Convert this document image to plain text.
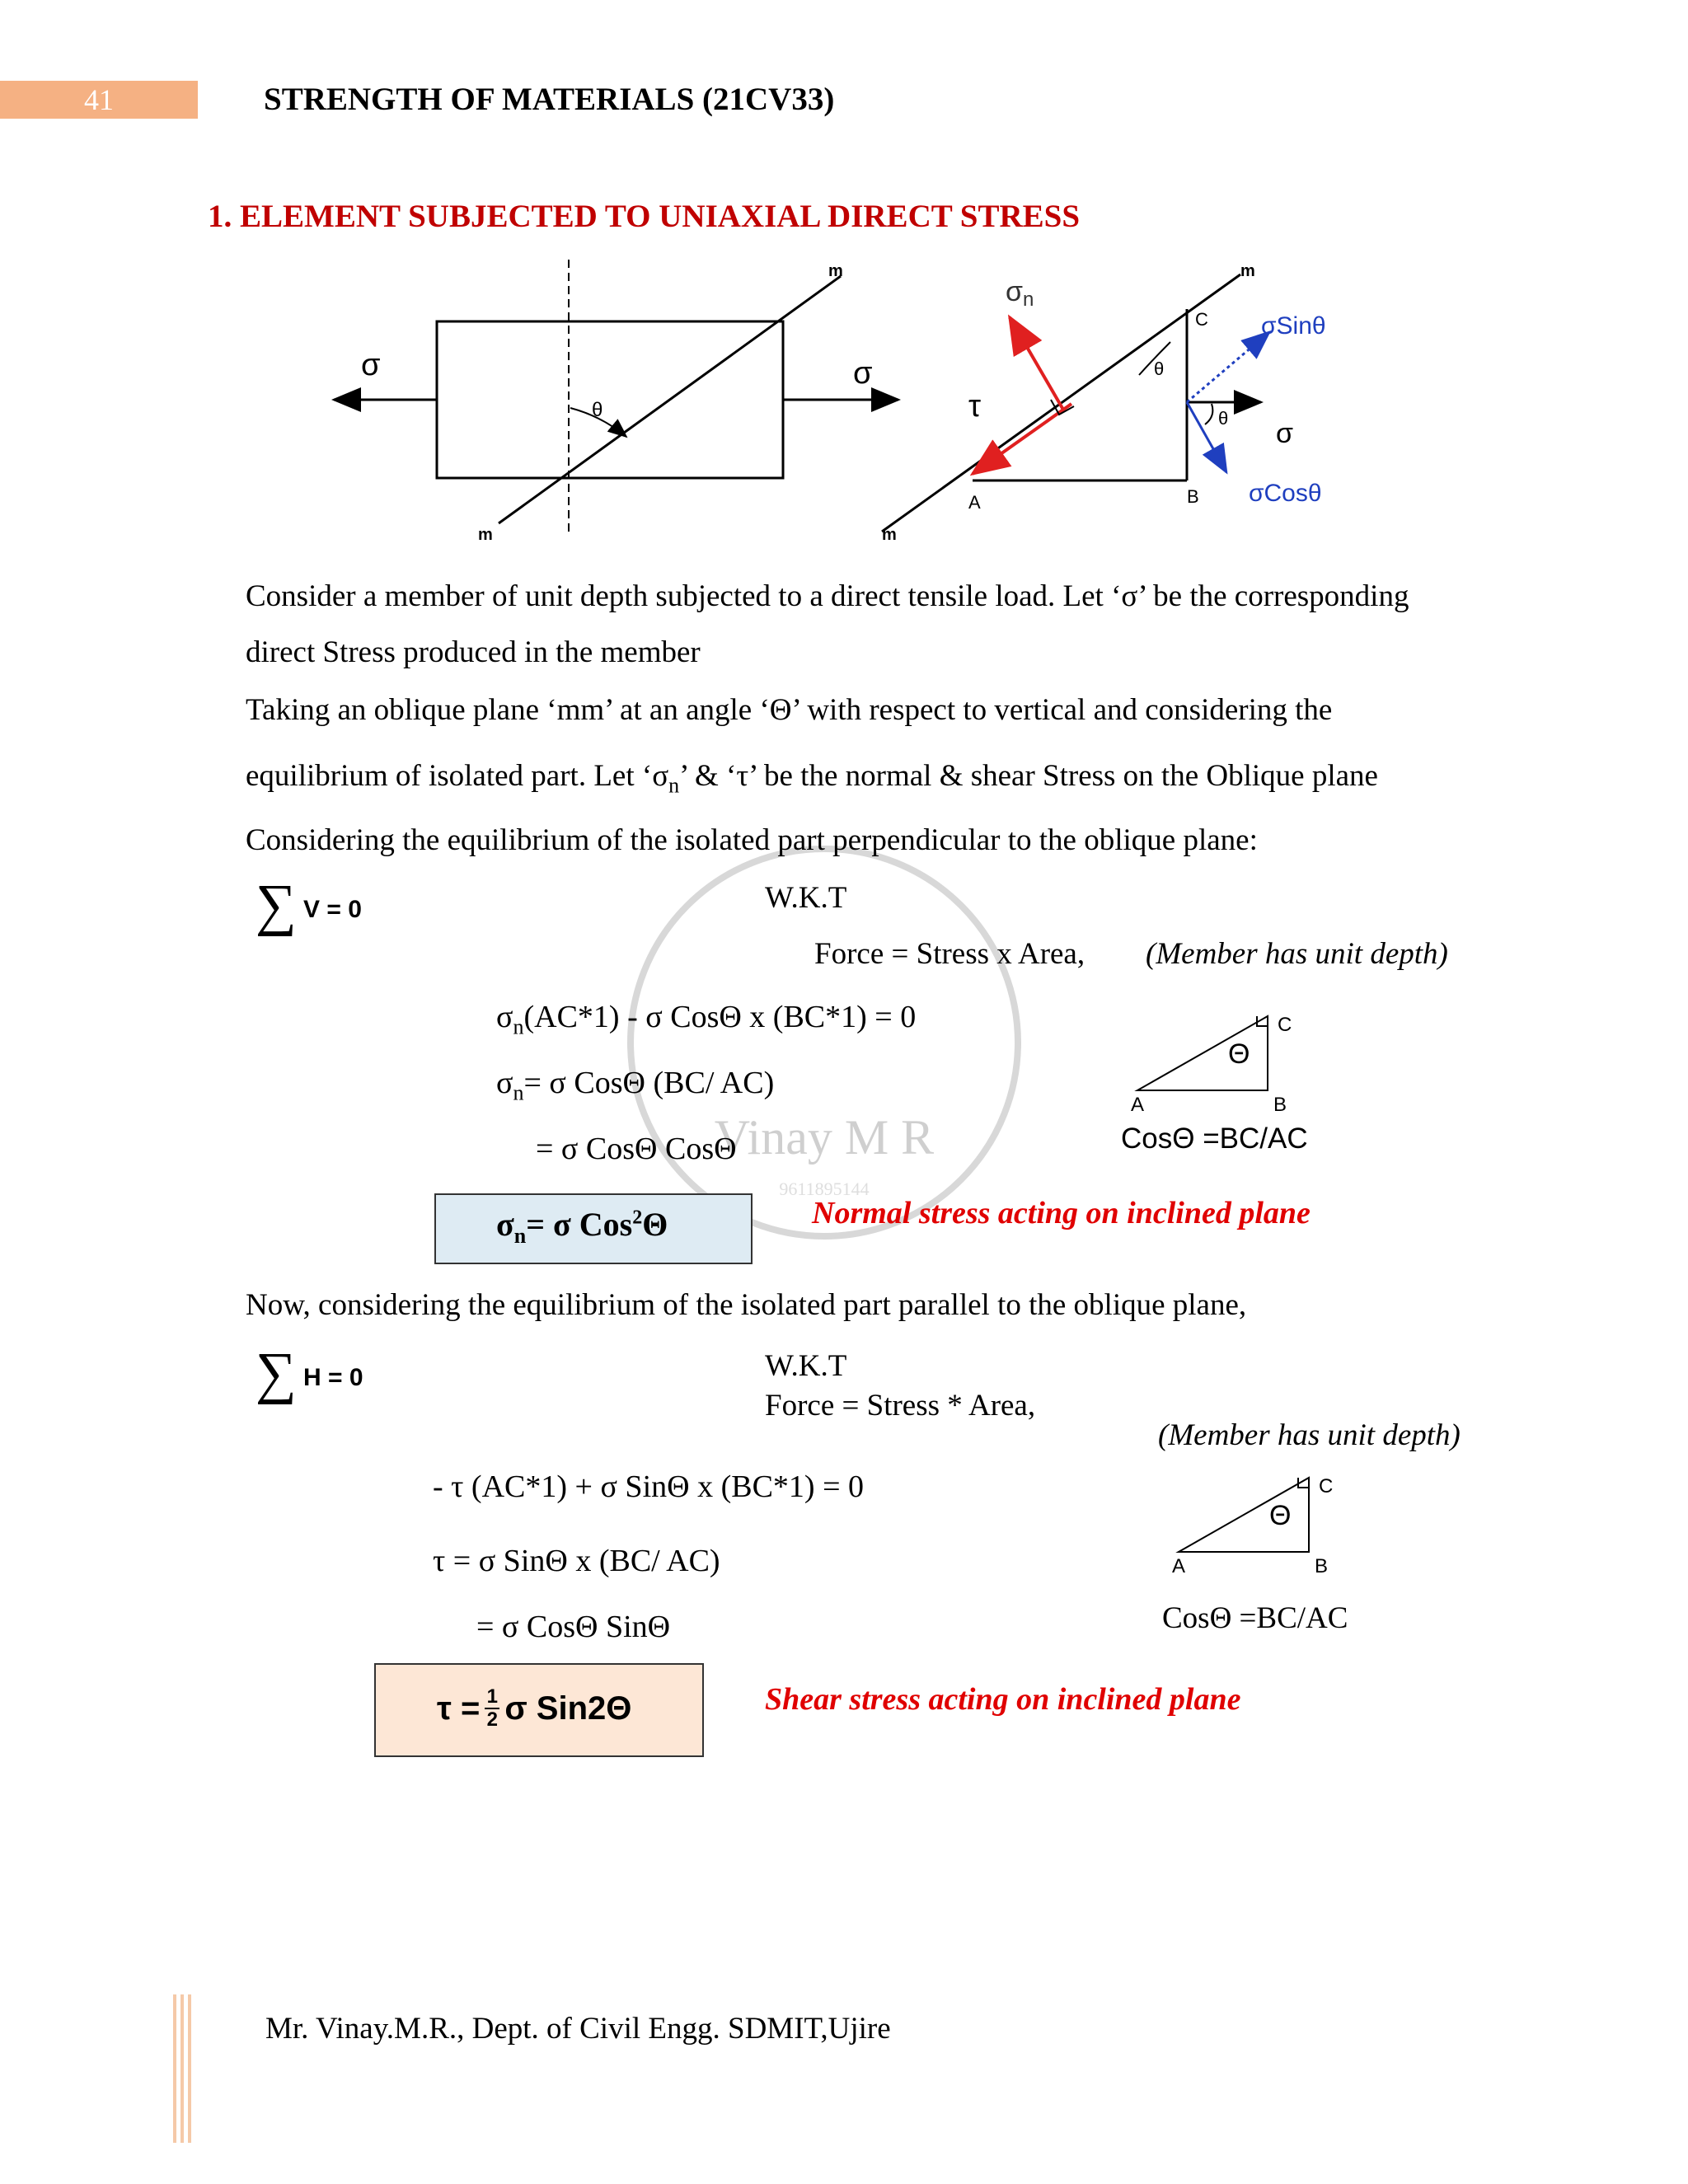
41	STRENGTH OF MATERIALS (21CV33)
1. ELEMENT SUBJECTED TO UNIAXIAL DIRECT STRESS
σ	σ
θ
m
m
σn
τ
C
A	B
θ
θ
σSinθ
σCosθ
σ
m
m
Vinay M R
9611895144
Consider a member of unit depth subjected to a direct tensile load. Let ‘σ’ be the corresponding
direct Stress produced in the member
Taking an oblique plane ‘mm’ at an angle ‘Θ’ with respect to vertical and considering the
equilibrium of isolated part. Let ‘$\sigma_n$’ & ‘τ’ be the normal & shear Stress on the Oblique plane
Considering the equilibrium of the isolated part perpendicular to the oblique plane:
∑ V = 0	W.K.T
Force = Stress x Area, (Member has unit depth)
$\sigma_n(AC*1)$ - σ CosΘ x (BC*1) = 0
$\sigma_n= \sigma$ CosΘ (BC/ AC)
= σ CosΘ CosΘ
$\sigma_n= \sigma$ Cos$^2$Θ	Normal stress acting on inclined plane
C
A	B
Θ
CosΘ =BC/AC
Now, considering the equilibrium of the isolated part parallel to the oblique plane,
∑ H = 0	W.K.T
Force = Stress * Area,
(Member has unit depth)
- τ (AC*1) + σ SinΘ x (BC*1) = 0
τ = σ SinΘ x (BC/ AC)
= σ CosΘ SinΘ
τ = 1
2 σ Sin2Θ	Shear stress acting on inclined plane
C
A	B
Θ
CosΘ =BC/AC
Mr. Vinay.M.R., Dept. of Civil Engg. SDMIT,Ujire
